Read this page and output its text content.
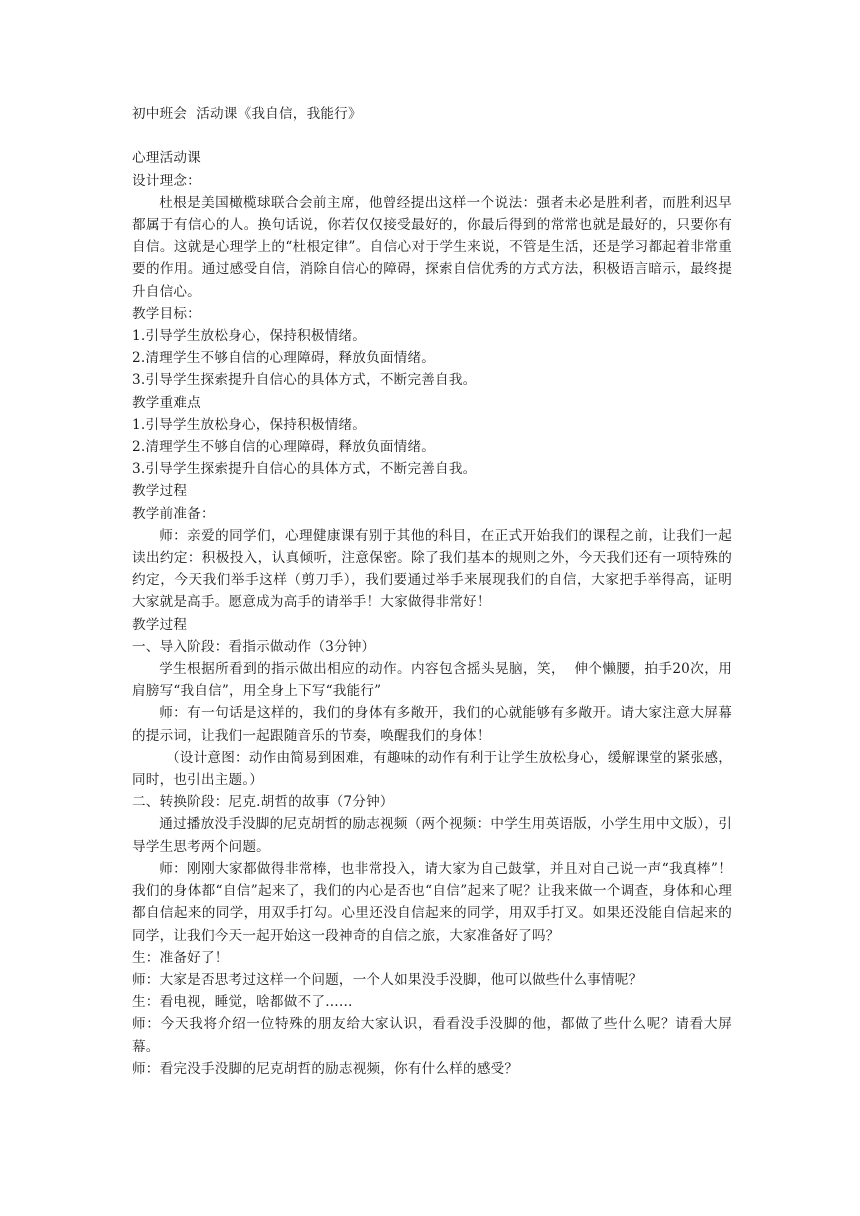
初中班会  活动课《我自信，我能行》

心理活动课

设计理念：

杜根是美国橄榄球联合会前主席，他曾经提出这样一个说法：强者未必是胜利者，而胜利迟早都属于有信心的人。换句话说，你若仅仅接受最好的，你最后得到的常常也就是最好的，只要你有自信。这就是心理学上的“杜根定律”。自信心对于学生来说，不管是生活，还是学习都起着非常重要的作用。通过感受自信，消除自信心的障碍，探索自信优秀的方式方法，积极语言暗示，最终提升自信心。

教学目标：

1.引导学生放松身心，保持积极情绪。

2.清理学生不够自信的心理障碍，释放负面情绪。

3.引导学生探索提升自信心的具体方式，不断完善自我。

教学重难点

1.引导学生放松身心，保持积极情绪。

2.清理学生不够自信的心理障碍，释放负面情绪。

3.引导学生探索提升自信心的具体方式，不断完善自我。

教学过程

教学前准备：

师：亲爱的同学们，心理健康课有别于其他的科目，在正式开始我们的课程之前，让我们一起读出约定：积极投入，认真倾听，注意保密。除了我们基本的规则之外，今天我们还有一项特殊的约定，今天我们举手这样（剪刀手），我们要通过举手来展现我们的自信，大家把手举得高，证明大家就是高手。愿意成为高手的请举手！大家做得非常好！

教学过程

一、导入阶段：看指示做动作（3分钟）

学生根据所看到的指示做出相应的动作。内容包含摇头晃脑，笑，  伸个懒腰，拍手20次，用肩膀写“我自信”，用全身上下写“我能行”

师：有一句话是这样的，我们的身体有多敞开，我们的心就能够有多敞开。请大家注意大屏幕的提示词，让我们一起跟随音乐的节奏，唤醒我们的身体！

（设计意图：动作由简易到困难，有趣味的动作有利于让学生放松身心，缓解课堂的紧张感，同时，也引出主题。）

二、转换阶段：尼克.胡哲的故事（7分钟）

通过播放没手没脚的尼克胡哲的励志视频（两个视频：中学生用英语版，小学生用中文版），引导学生思考两个问题。

师：刚刚大家都做得非常棒，也非常投入，请大家为自己鼓掌，并且对自己说一声“我真棒”！我们的身体都“自信”起来了，我们的内心是否也“自信”起来了呢？让我来做一个调查，身体和心理都自信起来的同学，用双手打勾。心里还没自信起来的同学，用双手打叉。如果还没能自信起来的同学，让我们今天一起开始这一段神奇的自信之旅，大家准备好了吗？

生：准备好了！

师：大家是否思考过这样一个问题，一个人如果没手没脚，他可以做些什么事情呢？

生：看电视，睡觉，啥都做不了……

师：今天我将介绍一位特殊的朋友给大家认识，看看没手没脚的他，都做了些什么呢？请看大屏幕。

师：看完没手没脚的尼克胡哲的励志视频，你有什么样的感受？
